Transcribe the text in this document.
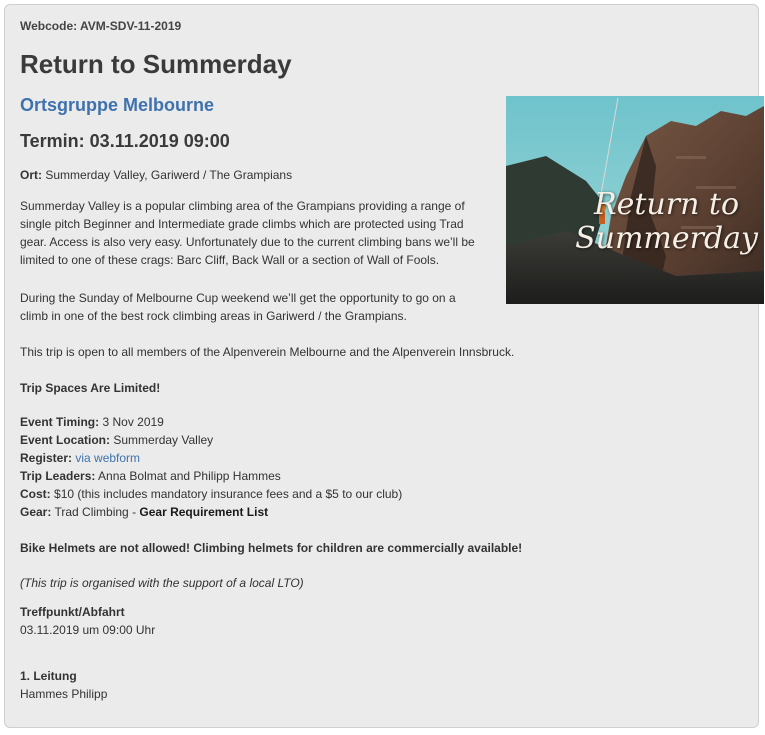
Webcode: AVM-SDV-11-2019
Return to Summerday
Ortsgruppe Melbourne
Termin: 03.11.2019 09:00
Ort: Summerday Valley, Gariwerd / The Grampians
Summerday Valley is a popular climbing area of the Grampians providing a range of
single pitch Beginner and Intermediate grade climbs which are protected using Trad
gear. Access is also very easy. Unfortunately due to the current climbing bans we’ll be
limited to one of these crags: Barc Cliff, Back Wall or a section of Wall of Fools.
During the Sunday of Melbourne Cup weekend we’ll get the opportunity to go on a
climb in one of the best rock climbing areas in Gariwerd / the Grampians.
This trip is open to all members of the Alpenverein Melbourne and the Alpenverein Innsbruck.
Trip Spaces Are Limited!
Event Timing: 3 Nov 2019
Event Location: Summerday Valley
Register: via webform
Trip Leaders: Anna Bolmat and Philipp Hammes
Cost: $10 (this includes mandatory insurance fees and a $5 to our club)
Gear: Trad Climbing - Gear Requirement List
Bike Helmets are not allowed! Climbing helmets for children are commercially available!
(This trip is organised with the support of a local LTO)
Treffpunkt/Abfahrt
03.11.2019 um 09:00 Uhr
1. Leitung
Hammes Philipp
Return to
Summerday
